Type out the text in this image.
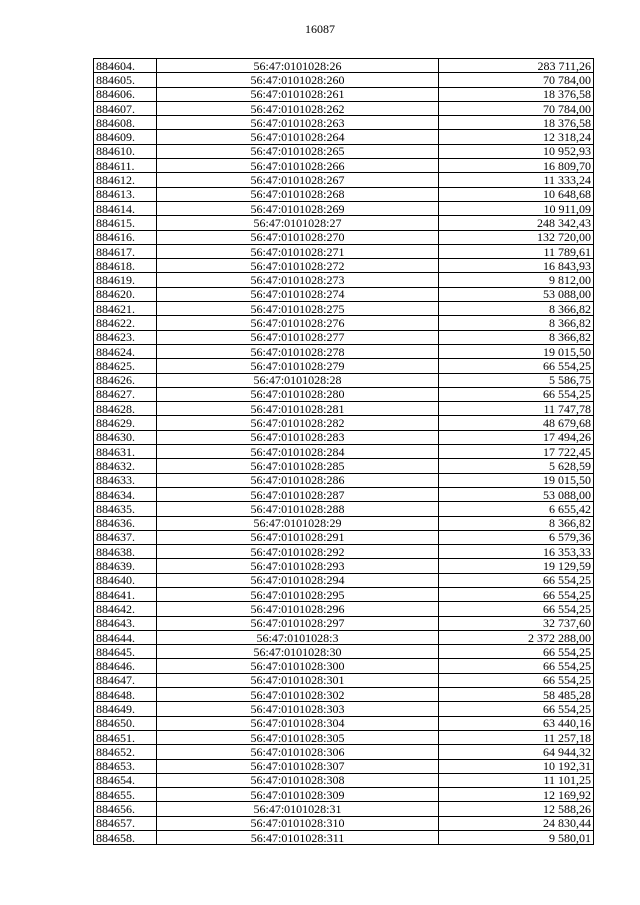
16087
884604.	56:47:0101028:26	283 711,26
884605.	56:47:0101028:260	70 784,00
884606.	56:47:0101028:261	18 376,58
884607.	56:47:0101028:262	70 784,00
884608.	56:47:0101028:263	18 376,58
884609.	56:47:0101028:264	12 318,24
884610.	56:47:0101028:265	10 952,93
884611.	56:47:0101028:266	16 809,70
884612.	56:47:0101028:267	11 333,24
884613.	56:47:0101028:268	10 648,68
884614.	56:47:0101028:269	10 911,09
884615.	56:47:0101028:27	248 342,43
884616.	56:47:0101028:270	132 720,00
884617.	56:47:0101028:271	11 789,61
884618.	56:47:0101028:272	16 843,93
884619.	56:47:0101028:273	9 812,00
884620.	56:47:0101028:274	53 088,00
884621.	56:47:0101028:275	8 366,82
884622.	56:47:0101028:276	8 366,82
884623.	56:47:0101028:277	8 366,82
884624.	56:47:0101028:278	19 015,50
884625.	56:47:0101028:279	66 554,25
884626.	56:47:0101028:28	5 586,75
884627.	56:47:0101028:280	66 554,25
884628.	56:47:0101028:281	11 747,78
884629.	56:47:0101028:282	48 679,68
884630.	56:47:0101028:283	17 494,26
884631.	56:47:0101028:284	17 722,45
884632.	56:47:0101028:285	5 628,59
884633.	56:47:0101028:286	19 015,50
884634.	56:47:0101028:287	53 088,00
884635.	56:47:0101028:288	6 655,42
884636.	56:47:0101028:29	8 366,82
884637.	56:47:0101028:291	6 579,36
884638.	56:47:0101028:292	16 353,33
884639.	56:47:0101028:293	19 129,59
884640.	56:47:0101028:294	66 554,25
884641.	56:47:0101028:295	66 554,25
884642.	56:47:0101028:296	66 554,25
884643.	56:47:0101028:297	32 737,60
884644.	56:47:0101028:3	2 372 288,00
884645.	56:47:0101028:30	66 554,25
884646.	56:47:0101028:300	66 554,25
884647.	56:47:0101028:301	66 554,25
884648.	56:47:0101028:302	58 485,28
884649.	56:47:0101028:303	66 554,25
884650.	56:47:0101028:304	63 440,16
884651.	56:47:0101028:305	11 257,18
884652.	56:47:0101028:306	64 944,32
884653.	56:47:0101028:307	10 192,31
884654.	56:47:0101028:308	11 101,25
884655.	56:47:0101028:309	12 169,92
884656.	56:47:0101028:31	12 588,26
884657.	56:47:0101028:310	24 830,44
884658.	56:47:0101028:311	9 580,01
